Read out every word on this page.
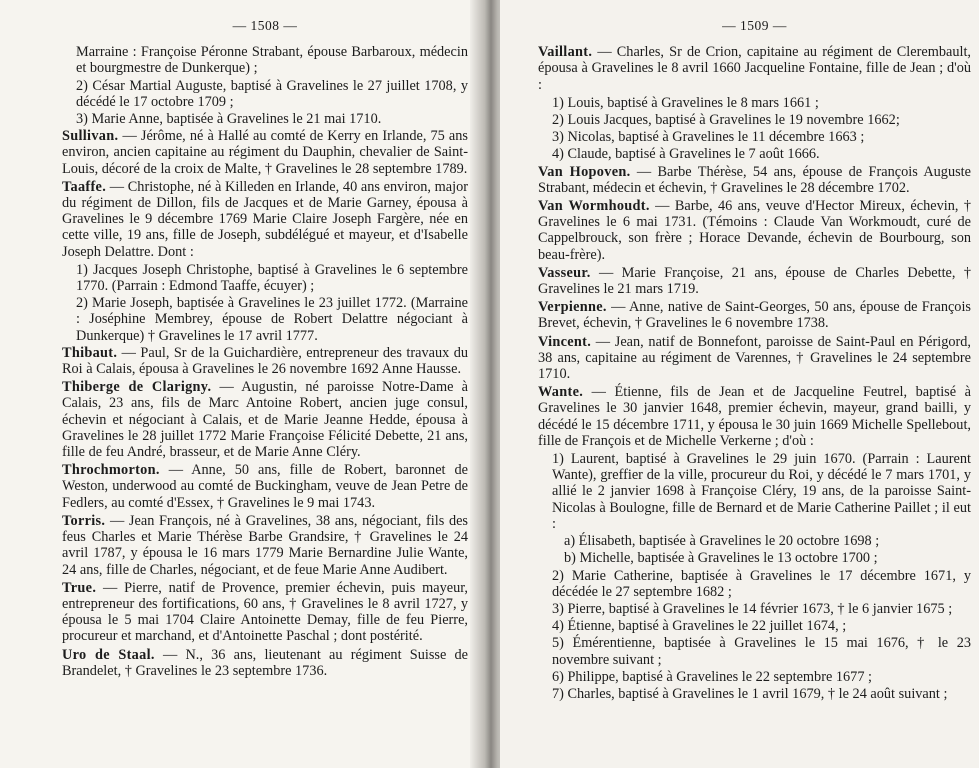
— 1508 —

Marraine : Françoise Péronne Strabant, épouse Barbaroux, médecin et bourgmestre de Dunkerque) ;

2) César Martial Auguste, baptisé à Gravelines le 27 juillet 1708, y décédé le 17 octobre 1709 ;

3) Marie Anne, baptisée à Gravelines le 21 mai 1710.

Sullivan. — Jérôme, né à Hallé au comté de Kerry en Irlande, 75 ans environ, ancien capitaine au régiment du Dauphin, chevalier de Saint-Louis, décoré de la croix de Malte, † Gravelines le 28 septembre 1789.

Taaffe. — Christophe, né à Killeden en Irlande, 40 ans environ, major du régiment de Dillon, fils de Jacques et de Marie Garney, épousa à Gravelines le 9 décembre 1769 Marie Claire Joseph Fargère, née en cette ville, 19 ans, fille de Joseph, subdélégué et mayeur, et d'Isabelle Joseph Delattre. Dont :

1) Jacques Joseph Christophe, baptisé à Gravelines le 6 septembre 1770. (Parrain : Edmond Taaffe, écuyer) ;

2) Marie Joseph, baptisée à Gravelines le 23 juillet 1772. (Marraine : Joséphine Membrey, épouse de Robert Delattre négociant à Dunkerque) † Gravelines le 17 avril 1777.

Thibaut. — Paul, Sr de la Guichardière, entrepreneur des travaux du Roi à Calais, épousa à Gravelines le 26 novembre 1692 Anne Hausse.

Thiberge de Clarigny. — Augustin, né paroisse Notre-Dame à Calais, 23 ans, fils de Marc Antoine Robert, ancien juge consul, échevin et négociant à Calais, et de Marie Jeanne Hedde, épousa à Gravelines le 28 juillet 1772 Marie Françoise Félicité Debette, 21 ans, fille de feu André, brasseur, et de Marie Anne Cléry.

Throchmorton. — Anne, 50 ans, fille de Robert, baronnet de Weston, underwood au comté de Buckingham, veuve de Jean Petre de Fedlers, au comté d'Essex, † Gravelines le 9 mai 1743.

Torris. — Jean François, né à Gravelines, 38 ans, négociant, fils des feus Charles et Marie Thérèse Barbe Grandsire, † Gravelines le 24 avril 1787, y épousa le 16 mars 1779 Marie Bernardine Julie Wante, 24 ans, fille de Charles, négociant, et de feue Marie Anne Audibert.

True. — Pierre, natif de Provence, premier échevin, puis mayeur, entrepreneur des fortifications, 60 ans, † Gravelines le 8 avril 1727, y épousa le 5 mai 1704 Claire Antoinette Demay, fille de feu Pierre, procureur et marchand, et d'Antoinette Paschal ; dont postérité.

Uro de Staal. — N., 36 ans, lieutenant au régiment Suisse de Brandelet, † Gravelines le 23 septembre 1736.

— 1509 —

Vaillant. — Charles, Sr de Crion, capitaine au régiment de Clerembault, épousa à Gravelines le 8 avril 1660 Jacqueline Fontaine, fille de Jean ; d'où :

1) Louis, baptisé à Gravelines le 8 mars 1661 ;

2) Louis Jacques, baptisé à Gravelines le 19 novembre 1662;

3) Nicolas, baptisé à Gravelines le 11 décembre 1663 ;

4) Claude, baptisé à Gravelines le 7 août 1666.

Van Hopoven. — Barbe Thérèse, 54 ans, épouse de François Auguste Strabant, médecin et échevin, † Gravelines le 28 décembre 1702.

Van Wormhoudt. — Barbe, 46 ans, veuve d'Hector Mireux, échevin, † Gravelines le 6 mai 1731. (Témoins : Claude Van Workmoudt, curé de Cappelbrouck, son frère ; Horace Devande, échevin de Bourbourg, son beau-frère).

Vasseur. — Marie Françoise, 21 ans, épouse de Charles Debette, † Gravelines le 21 mars 1719.

Verpienne. — Anne, native de Saint-Georges, 50 ans, épouse de François Brevet, échevin, † Gravelines le 6 novembre 1738.

Vincent. — Jean, natif de Bonnefont, paroisse de Saint-Paul en Périgord, 38 ans, capitaine au régiment de Varennes, † Gravelines le 24 septembre 1710.

Wante. — Étienne, fils de Jean et de Jacqueline Feutrel, baptisé à Gravelines le 30 janvier 1648, premier échevin, mayeur, grand bailli, y décédé le 15 décembre 1711, y épousa le 30 juin 1669 Michelle Spellebout, fille de François et de Michelle Verkerne ; d'où :

1) Laurent, baptisé à Gravelines le 29 juin 1670. (Parrain : Laurent Wante), greffier de la ville, procureur du Roi, y décédé le 7 mars 1701, y allié le 2 janvier 1698 à Françoise Cléry, 19 ans, de la paroisse Saint-Nicolas à Boulogne, fille de Bernard et de Marie Catherine Paillet ; il eut :

a) Élisabeth, baptisée à Gravelines le 20 octobre 1698 ;

b) Michelle, baptisée à Gravelines le 13 octobre 1700 ;

2) Marie Catherine, baptisée à Gravelines le 17 décembre 1671, y décédée le 27 septembre 1682 ;

3) Pierre, baptisé à Gravelines le 14 février 1673, † le 6 janvier 1675 ;

4) Étienne, baptisé à Gravelines le 22 juillet 1674, ;

5) Émérentienne, baptisée à Gravelines le 15 mai 1676, † le 23 novembre suivant ;

6) Philippe, baptisé à Gravelines le 22 septembre 1677 ;

7) Charles, baptisé à Gravelines le 1 avril 1679, † le 24 août suivant ;
